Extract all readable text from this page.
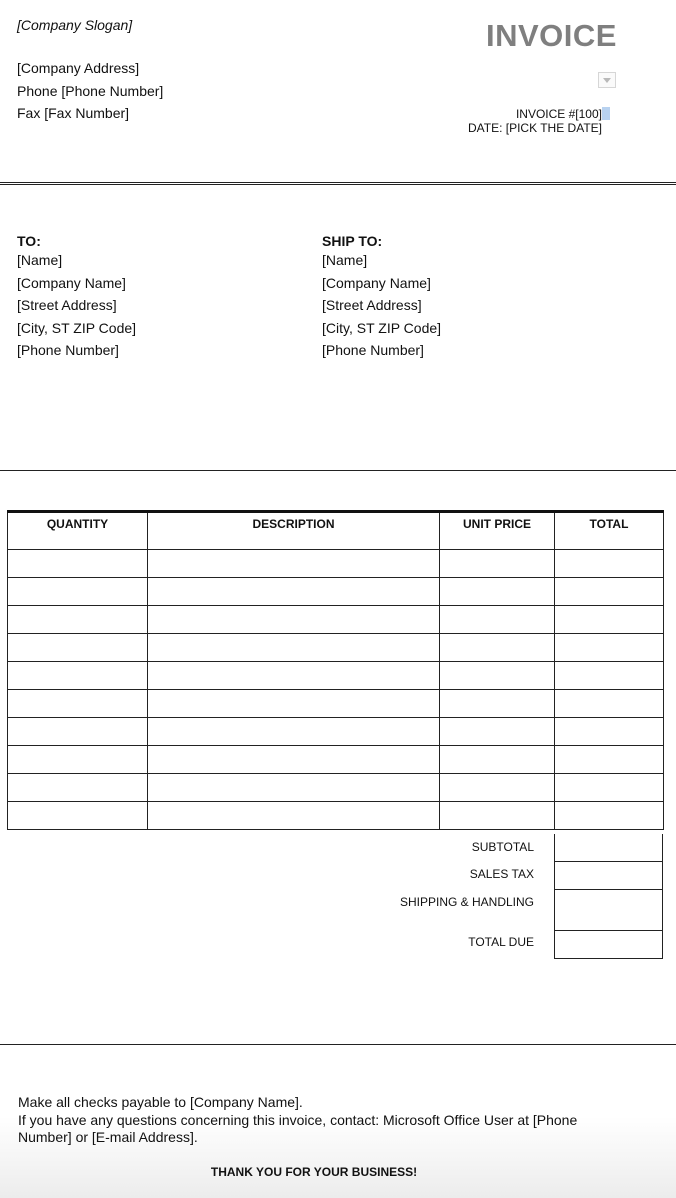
[Company Slogan]
[Company Address]
Phone [Phone Number]
Fax [Fax Number]
INVOICE
INVOICE #[100]
DATE: [PICK THE DATE]
TO:
[Name]
[Company Name]
[Street Address]
[City, ST ZIP Code]
[Phone Number]
SHIP TO:
[Name]
[Company Name]
[Street Address]
[City, ST ZIP Code]
[Phone Number]
QUANTITY	DESCRIPTION	UNIT PRICE	TOTAL

SUBTOTAL
SALES TAX
SHIPPING & HANDLING
TOTAL DUE
Make all checks payable to [Company Name].
If you have any questions concerning this invoice, contact: Microsoft Office User at [Phone Number] or [E-mail Address].
THANK YOU FOR YOUR BUSINESS!
